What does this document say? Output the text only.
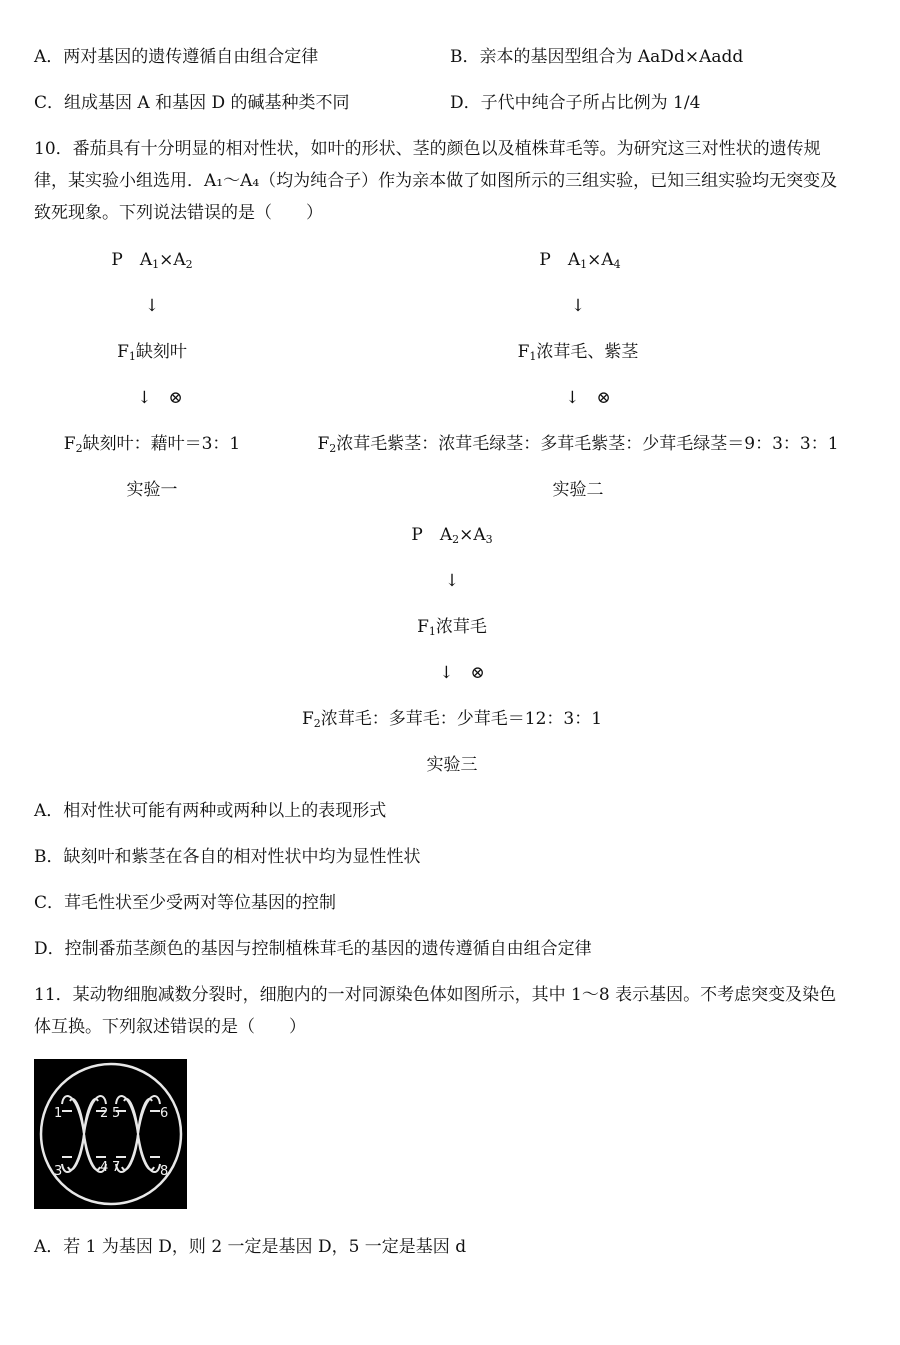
A．两对基因的遗传遵循自由组合定律	B．亲本的基因型组合为 AaDd×Aadd
C．组成基因 A 和基因 D 的碱基种类不同	D．子代中纯合子所占比例为 1/4
10．番茄具有十分明显的相对性状，如叶的形状、茎的颜色以及植株茸毛等。为研究这三对性状的遗传规
律，某实验小组选用．A₁～A₄（均为纯合子）作为亲本做了如图所示的三组实验，已知三组实验均无突变及
致死现象。下列说法错误的是（　　）
P　$A_1\times A_2$
↓
$F_1$缺刻叶
↓　⊗
$F_2$缺刻叶：藉叶＝3：1
实验一
P　$A_1\times A_4$
↓
$F_1$浓茸毛、紫茎
↓　⊗
$F_2$浓茸毛紫茎：浓茸毛绿茎：多茸毛紫茎：少茸毛绿茎＝9：3：3：1
实验二
P　$A_2\times A_3$
↓
$F_1$浓茸毛
↓　⊗
$F_2$浓茸毛：多茸毛：少茸毛＝12：3：1
实验三
A．相对性状可能有两种或两种以上的表现形式
B．缺刻叶和紫茎在各自的相对性状中均为显性性状
C．茸毛性状至少受两对等位基因的控制
D．控制番茄茎颜色的基因与控制植株茸毛的基因的遗传遵循自由组合定律
11．某动物细胞减数分裂时，细胞内的一对同源染色体如图所示，其中 1～8 表示基因。不考虑突变及染色
体互换。下列叙述错误的是（　　）
1	2
3	4
5	6
7	8
A．若 1 为基因 D，则 2 一定是基因 D，5 一定是基因 d
